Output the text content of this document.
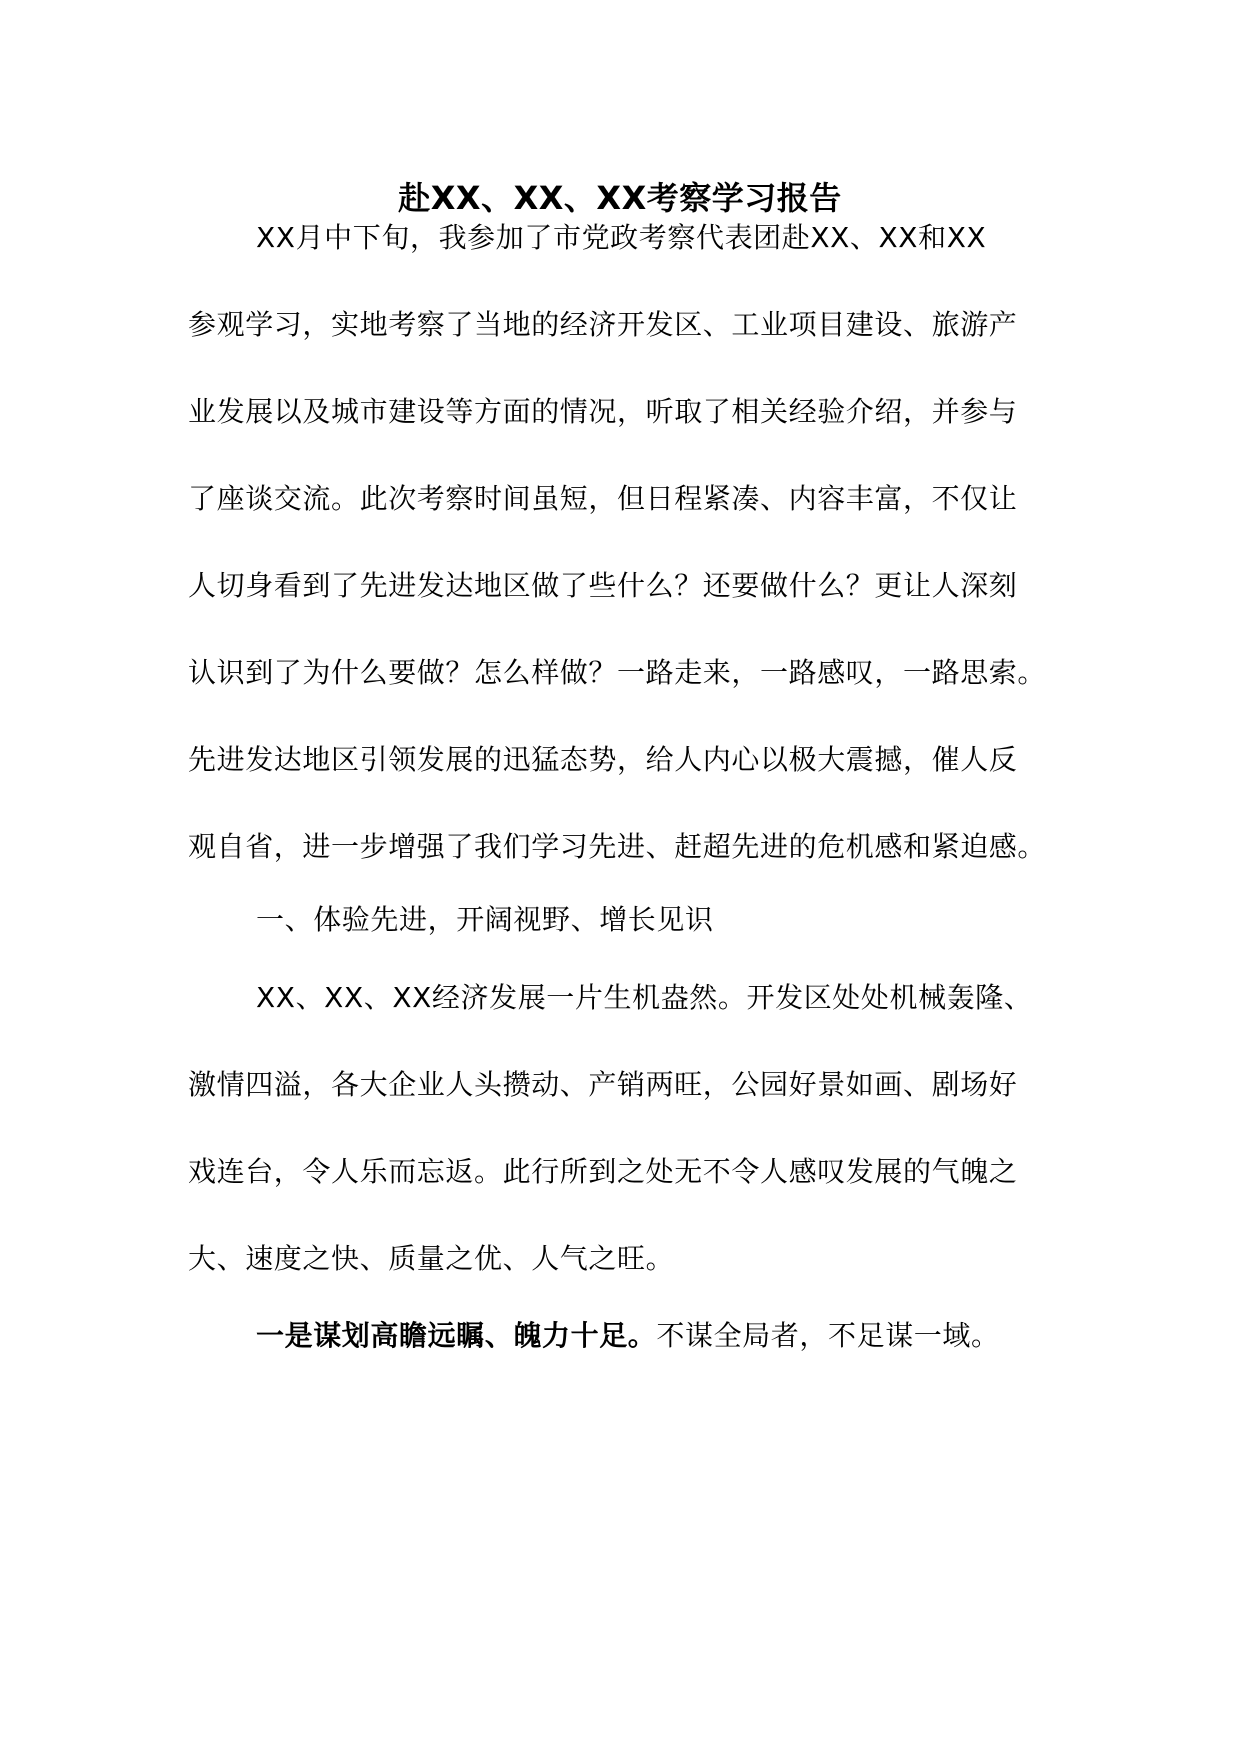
赴XX、XX、XX考察学习报告
XX月中下旬，我参加了市党政考察代表团赴XX、XX和XX
参观学习，实地考察了当地的经济开发区、工业项目建设、旅游产
业发展以及城市建设等方面的情况，听取了相关经验介绍，并参与
了座谈交流。此次考察时间虽短，但日程紧凑、内容丰富，不仅让
人切身看到了先进发达地区做了些什么？还要做什么？更让人深刻
认识到了为什么要做？怎么样做？一路走来，一路感叹，一路思索。
先进发达地区引领发展的迅猛态势，给人内心以极大震撼，催人反
观自省，进一步增强了我们学习先进、赶超先进的危机感和紧迫感。
一、体验先进，开阔视野、增长见识
XX、XX、XX经济发展一片生机盎然。开发区处处机械轰隆、
激情四溢，各大企业人头攒动、产销两旺，公园好景如画、剧场好
戏连台，令人乐而忘返。此行所到之处无不令人感叹发展的气魄之
大、速度之快、质量之优、人气之旺。
一是谋划高瞻远瞩、魄力十足。不谋全局者，不足谋一域。
